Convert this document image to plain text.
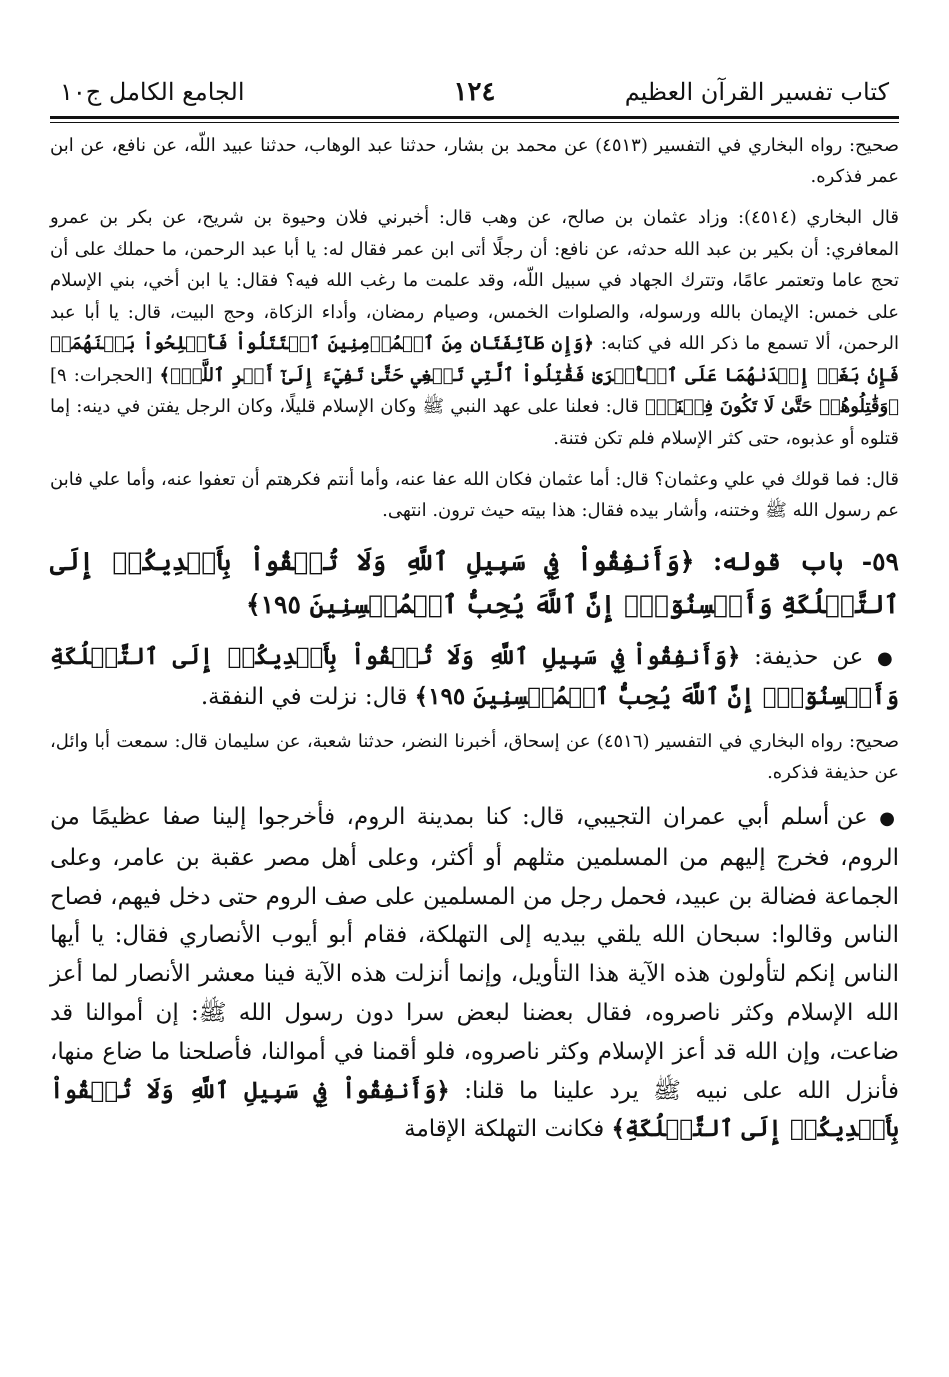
كتاب تفسير القرآن العظيم
١٢٤
الجامع الكامل ج١٠

صحيح: رواه البخاري في التفسير (٤٥١٣) عن محمد بن بشار، حدثنا عبد الوهاب، حدثنا عبيد اللّه، عن نافع، عن ابن عمر فذكره.

قال البخاري (٤٥١٤): وزاد عثمان بن صالح، عن وهب قال: أخبرني فلان وحيوة بن شريح، عن بكر بن عمرو المعافري: أن بكير بن عبد الله حدثه، عن نافع: أن رجلًا أتى ابن عمر فقال له: يا أبا عبد الرحمن، ما حملك على أن تحج عاما وتعتمر عامًا، وتترك الجهاد في سبيل اللّه، وقد علمت ما رغب الله فيه؟ فقال: يا ابن أخي، بني الإسلام على خمس: الإيمان بالله ورسوله، والصلوات الخمس، وصيام رمضان، وأداء الزكاة، وحج البيت، قال: يا أبا عبد الرحمن، ألا تسمع ما ذكر الله في كتابه: ﴿وَإِن طَآئِفَتَانِ مِنَ ٱلۡمُؤۡمِنِينَ ٱقۡتَتَلُواْ فَأَصۡلِحُواْ بَيۡنَهُمَاۖ فَإِنۢ بَغَتۡ إِحۡدَىٰهُمَا عَلَى ٱلۡأُخۡرَىٰ فَقَٰتِلُواْ ٱلَّتِي تَبۡغِي حَتَّىٰ تَفِيٓءَ إِلَىٰٓ أَمۡرِ ٱللَّهِۚ﴾ [الحجرات: ٩] ﴿وَقَٰتِلُوهُمۡ حَتَّىٰ لَا تَكُونَ فِتۡنَةٞ﴾ قال: فعلنا على عهد النبي ﷺ وكان الإسلام قليلًا، وكان الرجل يفتن في دينه: إما قتلوه أو عذبوه، حتى كثر الإسلام فلم تكن فتنة.

قال: فما قولك في علي وعثمان؟ قال: أما عثمان فكان الله عفا عنه، وأما أنتم فكرهتم أن تعفوا عنه، وأما علي فابن عم رسول الله ﷺ وختنه، وأشار بيده فقال: هذا بيته حيث ترون. انتهى.

٥٩- باب قوله: ﴿وَأَنفِقُواْ فِي سَبِيلِ ٱللَّهِ وَلَا تُلۡقُواْ بِأَيۡدِيكُمۡ إِلَى ٱلتَّهۡلُكَةِ وَأَحۡسِنُوٓاْۚ إِنَّ ٱللَّهَ يُحِبُّ ٱلۡمُحۡسِنِينَ ١٩٥﴾

● عن حذيفة: ﴿وَأَنفِقُواْ فِي سَبِيلِ ٱللَّهِ وَلَا تُلۡقُواْ بِأَيۡدِيكُمۡ إِلَى ٱلتَّهۡلُكَةِ وَأَحۡسِنُوٓاْۚ إِنَّ ٱللَّهَ يُحِبُّ ٱلۡمُحۡسِنِينَ ١٩٥﴾ قال: نزلت في النفقة.

صحيح: رواه البخاري في التفسير (٤٥١٦) عن إسحاق، أخبرنا النضر، حدثنا شعبة، عن سليمان قال: سمعت أبا وائل، عن حذيفة فذكره.

● عن أسلم أبي عمران التجيبي، قال: كنا بمدينة الروم، فأخرجوا إلينا صفا عظيمًا من الروم، فخرج إليهم من المسلمين مثلهم أو أكثر، وعلى أهل مصر عقبة بن عامر، وعلى الجماعة فضالة بن عبيد، فحمل رجل من المسلمين على صف الروم حتى دخل فيهم، فصاح الناس وقالوا: سبحان الله يلقي بيديه إلى التهلكة، فقام أبو أيوب الأنصاري فقال: يا أيها الناس إنكم لتأولون هذه الآية هذا التأويل، وإنما أنزلت هذه الآية فينا معشر الأنصار لما أعز الله الإسلام وكثر ناصروه، فقال بعضنا لبعض سرا دون رسول الله ﷺ: إن أموالنا قد ضاعت، وإن الله قد أعز الإسلام وكثر ناصروه، فلو أقمنا في أموالنا، فأصلحنا ما ضاع منها، فأنزل الله على نبيه ﷺ يرد علينا ما قلنا: ﴿وَأَنفِقُواْ فِي سَبِيلِ ٱللَّهِ وَلَا تُلۡقُواْ بِأَيۡدِيكُمۡ إِلَى ٱلتَّهۡلُكَةِ﴾ فكانت التهلكة الإقامة
